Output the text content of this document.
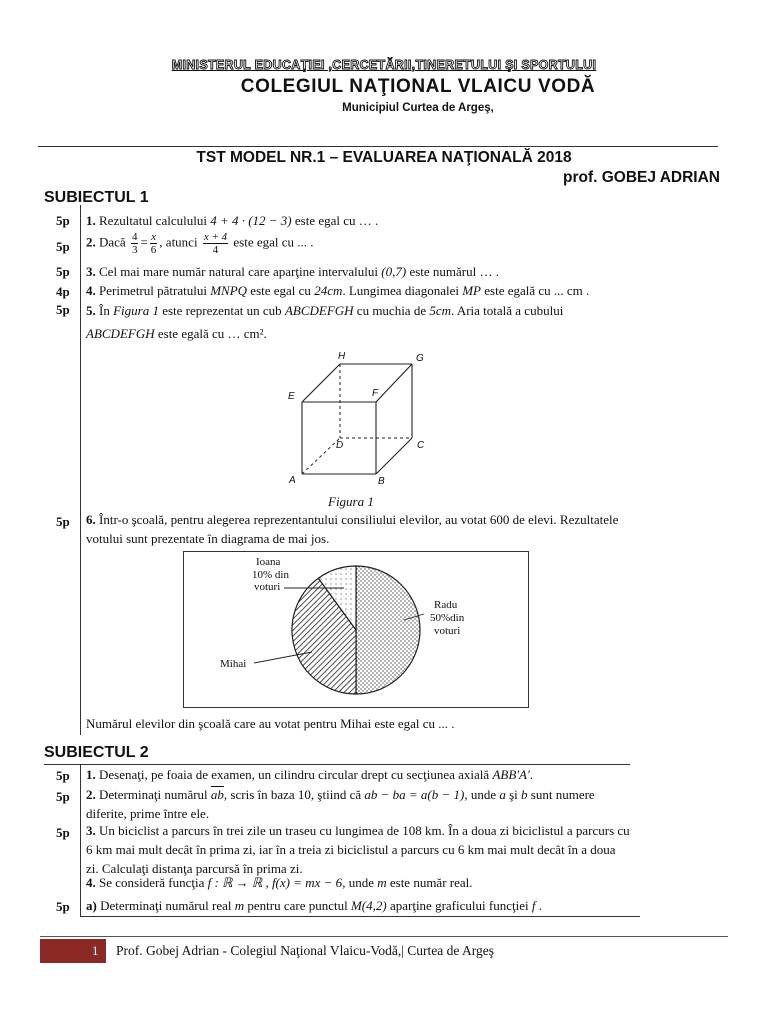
MINISTERUL EDUCAŢIEI ,CERCETĂRII,TINERETULUI ŞI SPORTULUI
COLEGIUL NAŢIONAL VLAICU VODĂ
Municipiul Curtea de Argeş,
TST MODEL NR.1 – EVALUAREA NAŢIONALĂ 2018
prof. GOBEJ ADRIAN
SUBIECTUL 1
5p 1. Rezultatul calculului 4 + 4 · (12 − 3) este egal cu … .
5p 2. Dacă $\frac{4}{3} = \frac{x}{6}$ , atunci $\frac{x + 4}{4}$ este egal cu ... .
5p 3. Cel mai mare număr natural care aparţine intervalului (0,7) este numărul … .
4p 4. Perimetrul pătratului MNPQ este egal cu 24cm. Lungimea diagonalei MP este egală cu ... cm .
5p 5. În Figura 1 este reprezentat un cub ABCDEFGH cu muchia de 5cm. Aria totală a cubului
ABCDEFGH este egală cu … cm².
H	G
E	F
D	C
A	B
Figura 1
5p 6. Într-o şcoală, pentru alegerea reprezentantului consiliului elevilor, au votat 600 de elevi. Rezultatele votului sunt prezentate în diagrama de mai jos.
Ioana
10% din
voturi
Radu
50%din
voturi
Mihai
Numărul elevilor din şcoală care au votat pentru Mihai este egal cu ... .
SUBIECTUL 2
5p 1. Desenaţi, pe foaia de examen, un cilindru circular drept cu secţiunea axială ABB'A'.
5p 2. Determinaţi numărul $\overline{ab}$, scris în baza 10, ştiind că ab − ba = a(b − 1), unde a şi b sunt numere diferite, prime între ele.
5p 3. Un biciclist a parcurs în trei zile un traseu cu lungimea de 108 km. În a doua zi biciclistul a parcurs cu 6 km mai mult decât în prima zi, iar în a treia zi biciclistul a parcurs cu 6 km mai mult decât în a doua zi. Calculaţi distanţa parcursă în prima zi.
4. Se consideră funcţia f : ℝ → ℝ , f(x) = mx − 6, unde m este număr real.
5p a) Determinaţi numărul real m pentru care punctul M(4,2) aparţine graficului funcţiei f .
1 Prof. Gobej Adrian - Colegiul Naţional Vlaicu-Vodă,| Curtea de Argeş
